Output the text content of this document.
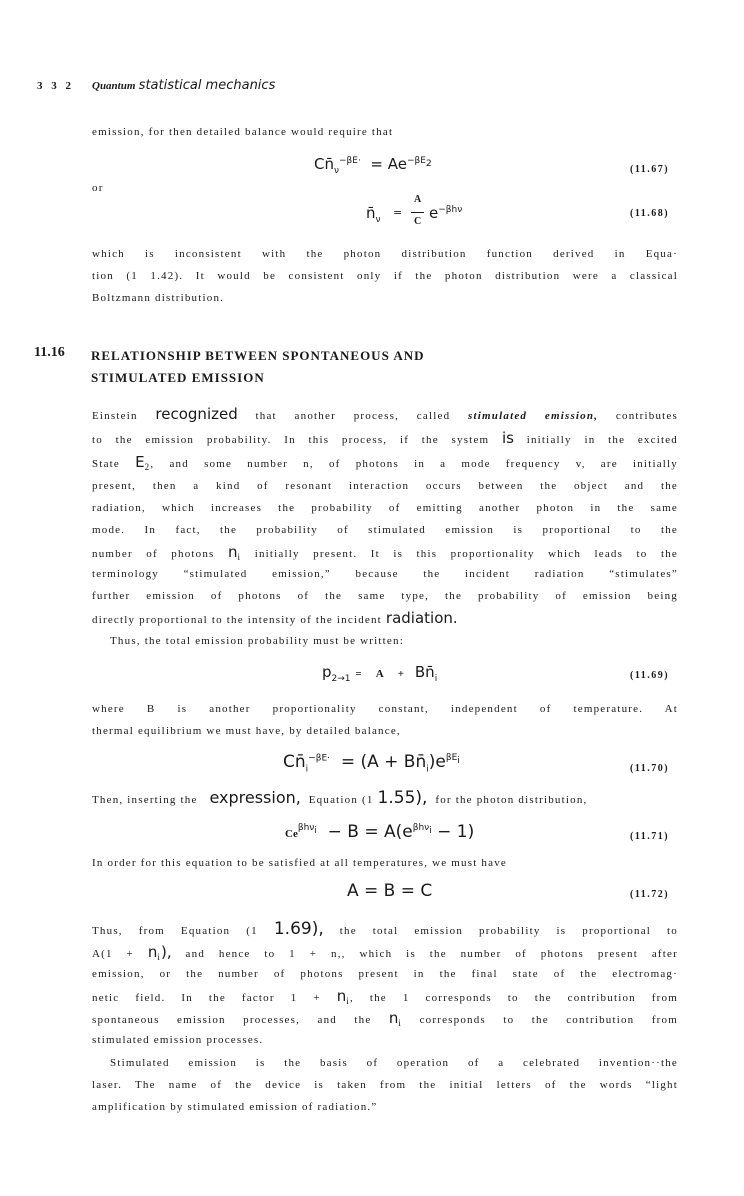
3 3 2 Quantum statistical mechanics

emission, for then detailed balance would require that

$Cn̄_\nu^{-\beta E\cdot} = Ae^{-\beta E_2}$
(11.67)

or

$n̄_\nu$
=
A
C $e^{-\beta h\nu}$	(11.68)

which is inconsistent with the photon distribution function derived in Equa·

tion (1 1.42). It would be consistent only if the photon distribution were a classical

Boltzmann distribution.

11.16 RELATIONSHIP BETWEEN SPONTANEOUS AND
STIMULATED EMISSION

Einstein recognized that another process, called stimulated emission, contributes

to the emission probability. In this process, if the system is initially in the excited

State $E_2$, and some number n, of photons in a mode frequency v, are initially

present, then a kind of resonant interaction occurs between the object and the

radiation, which increases the probability of emitting another photon in the same

mode. In fact, the probability of stimulated emission is proportional to the

number of photons $n_i$ initially present. It is this proportionality which leads to the

terminology “stimulated emission,” because the incident radiation “stimulates”

further emission of photons of the same type, the probability of emission being

directly proportional to the intensity of the incident radiation.

Thus, the total emission probability must be written:

$p_{2\to 1} = A$ + $Bn̄_i$	(11.69)

where B is another proportionality constant, independent of temperature. At

thermal equilibrium we must have, by detailed balance,

$Cn̄_i^{-\beta E\cdot} = (A$ + $Bn̄_i)e^{\beta E_i}$
(11.70)

Then, inserting the expression, Equation (1 1.55), for the photon distribution,

$Ce^{\beta h\nu_i} - B = A(e^{\beta h\nu_i} - 1)$	(11.71)

In order for this equation to be satisfied at all temperatures, we must have

A = B = C	(11.72)

Thus, from Equation (1 1.69), the total emission probability is proportional to

$A(1 + n_i)$, and hence to 1 + n,, which is the number of photons present after

emission, or the number of photons present in the final state of the electromag·

netic field. In the factor $1 + n_i$, the 1 corresponds to the contribution from

spontaneous emission processes, and the $n_i$ corresponds to the contribution from

stimulated emission processes.

Stimulated emission is the basis of operation of a celebrated invention··the

laser. The name of the device is taken from the initial letters of the words “light

amplification by stimulated emission of radiation.”
